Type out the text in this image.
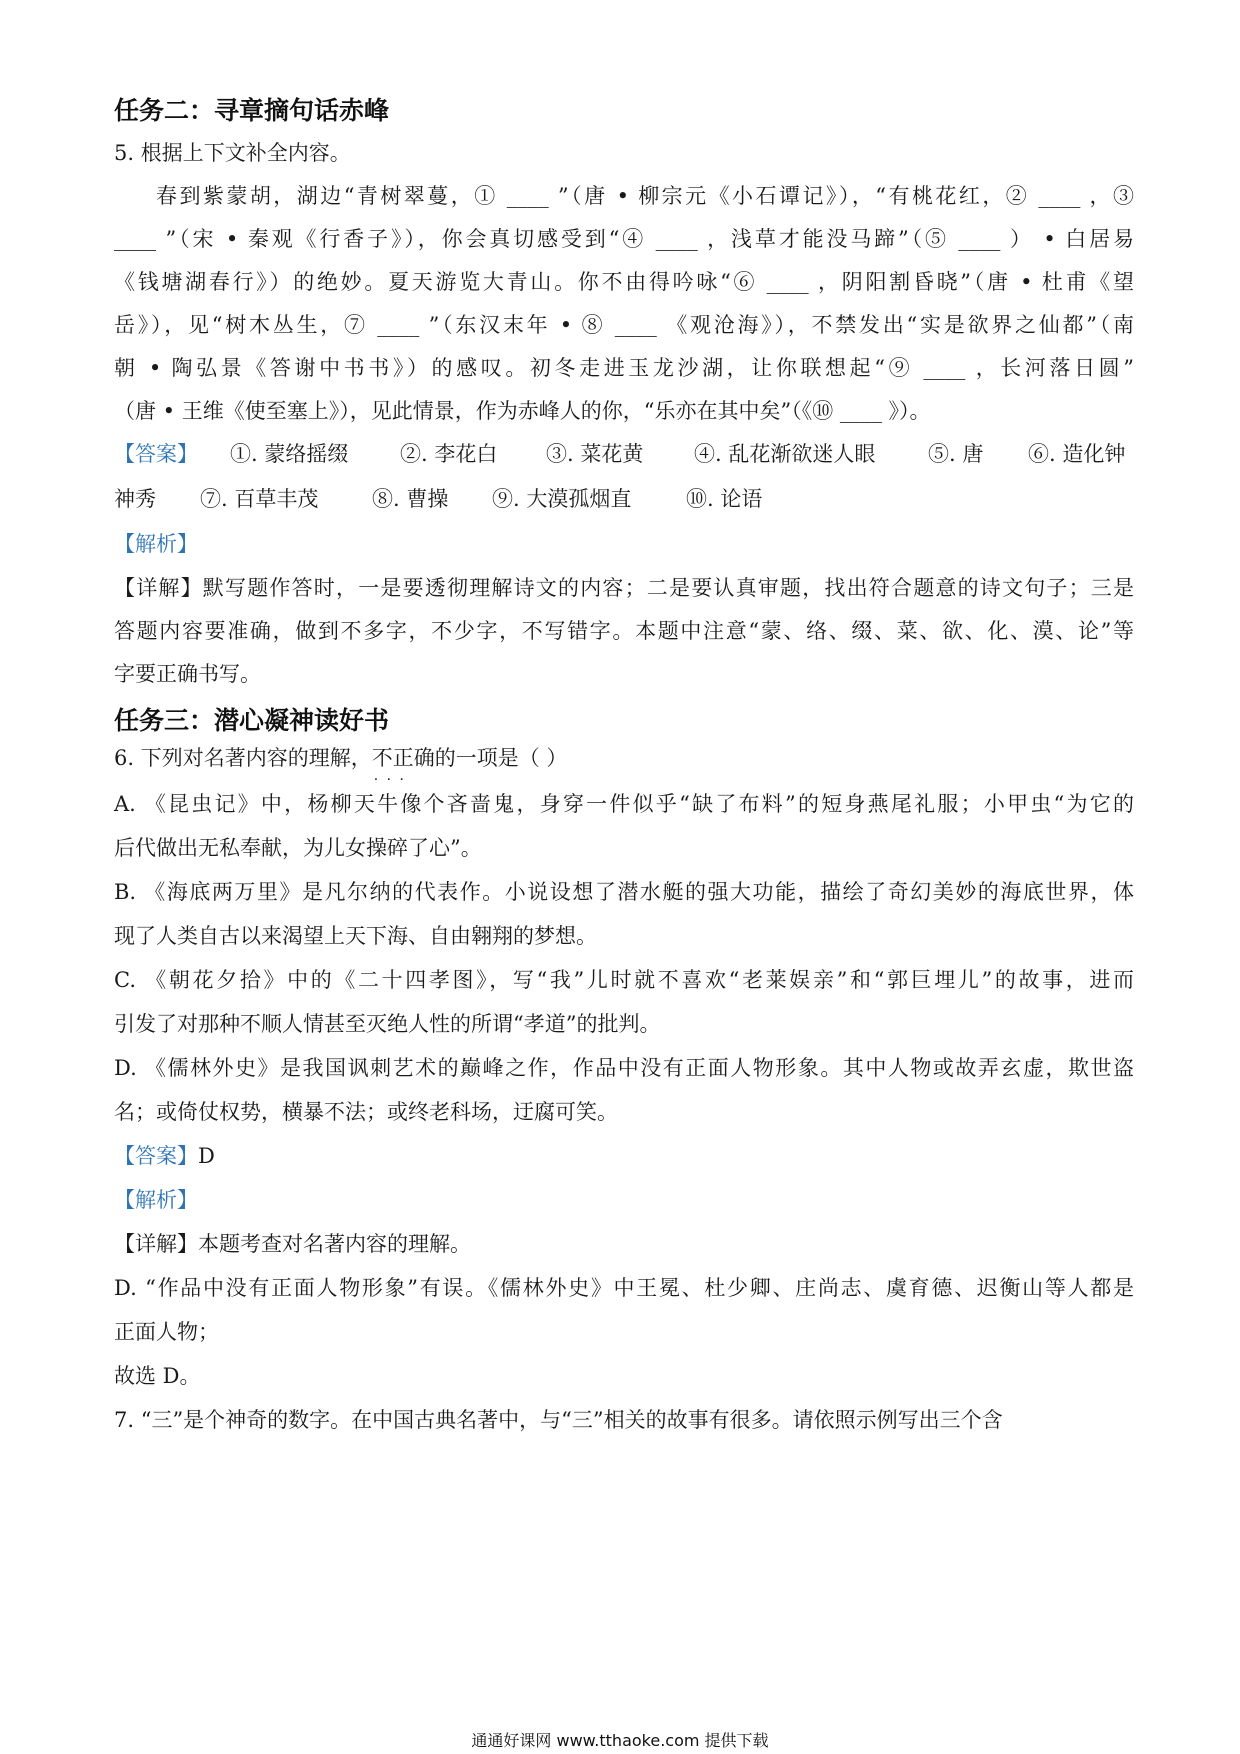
任务二：寻章摘句话赤峰
5. 根据上下文补全内容。
春到紫蒙胡，湖边“青树翠蔓，① ____ ”（唐 • 柳宗元《小石谭记》），“有桃花红，② ____ ，③
____ ”（宋 • 秦观《行香子》），你会真切感受到“④ ____ ，浅草才能没马蹄”（⑤ ____ ） • 白居易
《钱塘湖春行》）的绝妙。夏天游览大青山。你不由得吟咏“⑥ ____ ，阴阳割昏晓”（唐 • 杜甫《望
岳》），见“树木丛生，⑦ ____ ”（东汉末年 • ⑧ ____ 《观沧海》），不禁发出“实是欲界之仙都”（南
朝 • 陶弘景《答谢中书书》）的感叹。初冬走进玉龙沙湖，让你联想起“⑨ ____ ，长河落日圆”
（唐 • 王维《使至塞上》），见此情景，作为赤峰人的你，“乐亦在其中矣”（《⑩ ____ 》）。
【答案】 ①. 蒙络摇缀 ②. 李花白 ③. 菜花黄 ④. 乱花渐欲迷人眼	⑤. 唐 ⑥. 造化钟
神秀 ⑦. 百草丰茂	⑧. 曹操 ⑨. 大漠孤烟直	⑩. 论语
【解析】
【详解】默写题作答时，一是要透彻理解诗文的内容；二是要认真审题，找出符合题意的诗文句子；三是
答题内容要准确，做到不多字，不少字，不写错字。本题中注意“蒙、络、缀、菜、欲、化、漠、论”等
字要正确书写。
任务三：潜心凝神读好书
6. 下列对名著内容的理解，不正确 · · ·的一项是（ ）
A. 《昆虫记》中，杨柳天牛像个吝啬鬼，身穿一件似乎“缺了布料”的短身燕尾礼服；小甲虫“为它的
后代做出无私奉献，为儿女操碎了心”。
B. 《海底两万里》是凡尔纳的代表作。小说设想了潜水艇的强大功能，描绘了奇幻美妙的海底世界，体
现了人类自古以来渴望上天下海、自由翱翔的梦想。
C. 《朝花夕拾》中的《二十四孝图》，写“我”儿时就不喜欢“老莱娱亲”和“郭巨埋儿”的故事，进而
引发了对那种不顺人情甚至灭绝人性的所谓“孝道”的批判。
D. 《儒林外史》是我国讽刺艺术的巅峰之作，作品中没有正面人物形象。其中人物或故弄玄虚，欺世盗
名；或倚仗权势，横暴不法；或终老科场，迂腐可笑。
【答案】D
【解析】
【详解】本题考查对名著内容的理解。
D. “作品中没有正面人物形象”有误。《儒林外史》中王冕、杜少卿、庄尚志、虞育德、迟衡山等人都是
正面人物；
故选 D。
7. “三”是个神奇的数字。在中国古典名著中，与“三”相关的故事有很多。请依照示例写出三个含
通通好课网 www.tthaoke.com 提供下载
